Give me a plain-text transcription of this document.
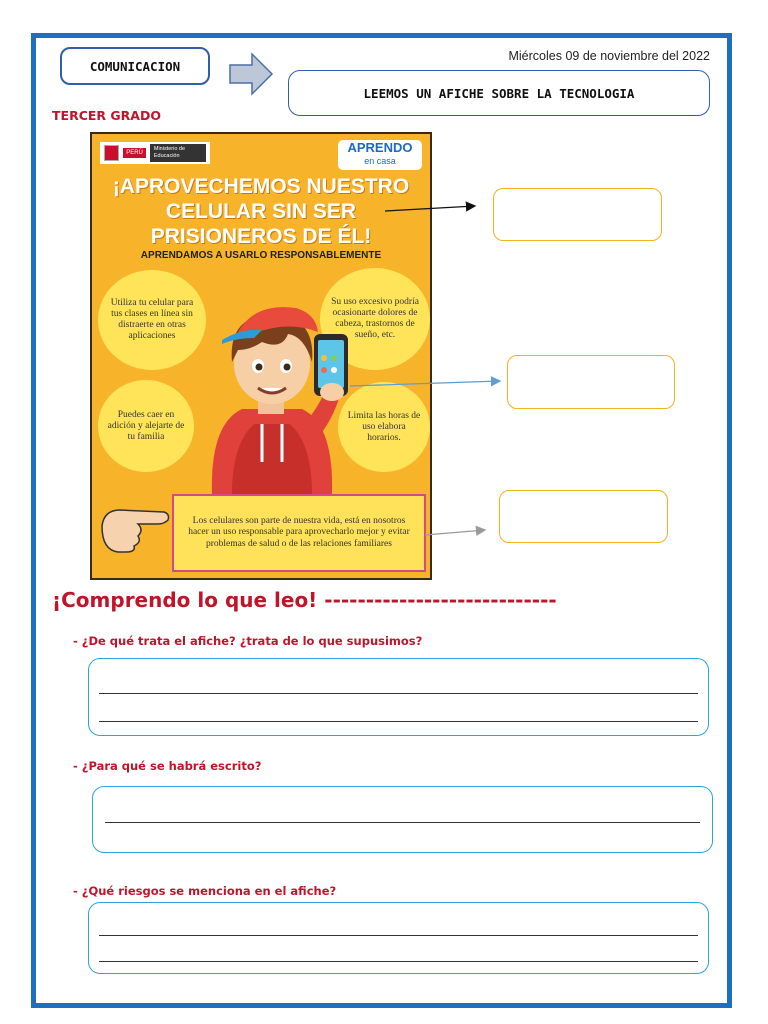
COMUNICACION
Miércoles 09 de noviembre del 2022
LEEMOS UN AFICHE SOBRE LA TECNOLOGIA
TERCER GRADO
PERÚ
Ministerio de Educación
APRENDO
en casa
¡APROVECHEMOS NUESTRO CELULAR SIN SER PRISIONEROS DE ÉL!
APRENDAMOS A USARLO RESPONSABLEMENTE
Utiliza tu celular para tus clases en línea sin distraerte en otras aplicaciones
Su uso excesivo podría ocasionarte dolores de cabeza, trastornos de sueño, etc.
Puedes caer en adición y alejarte de tu familia
Limita las horas de uso elabora horarios.
Los celulares son parte de nuestra vida, está en nosotros hacer un uso responsable para aprovecharlo mejor y evitar problemas de salud o de las relaciones familiares
¡Comprendo lo que leo! ----------------------------
- ¿De qué trata el afiche? ¿trata de lo que supusimos?
- ¿Para qué se habrá escrito?
- ¿Qué riesgos se menciona en el afiche?
